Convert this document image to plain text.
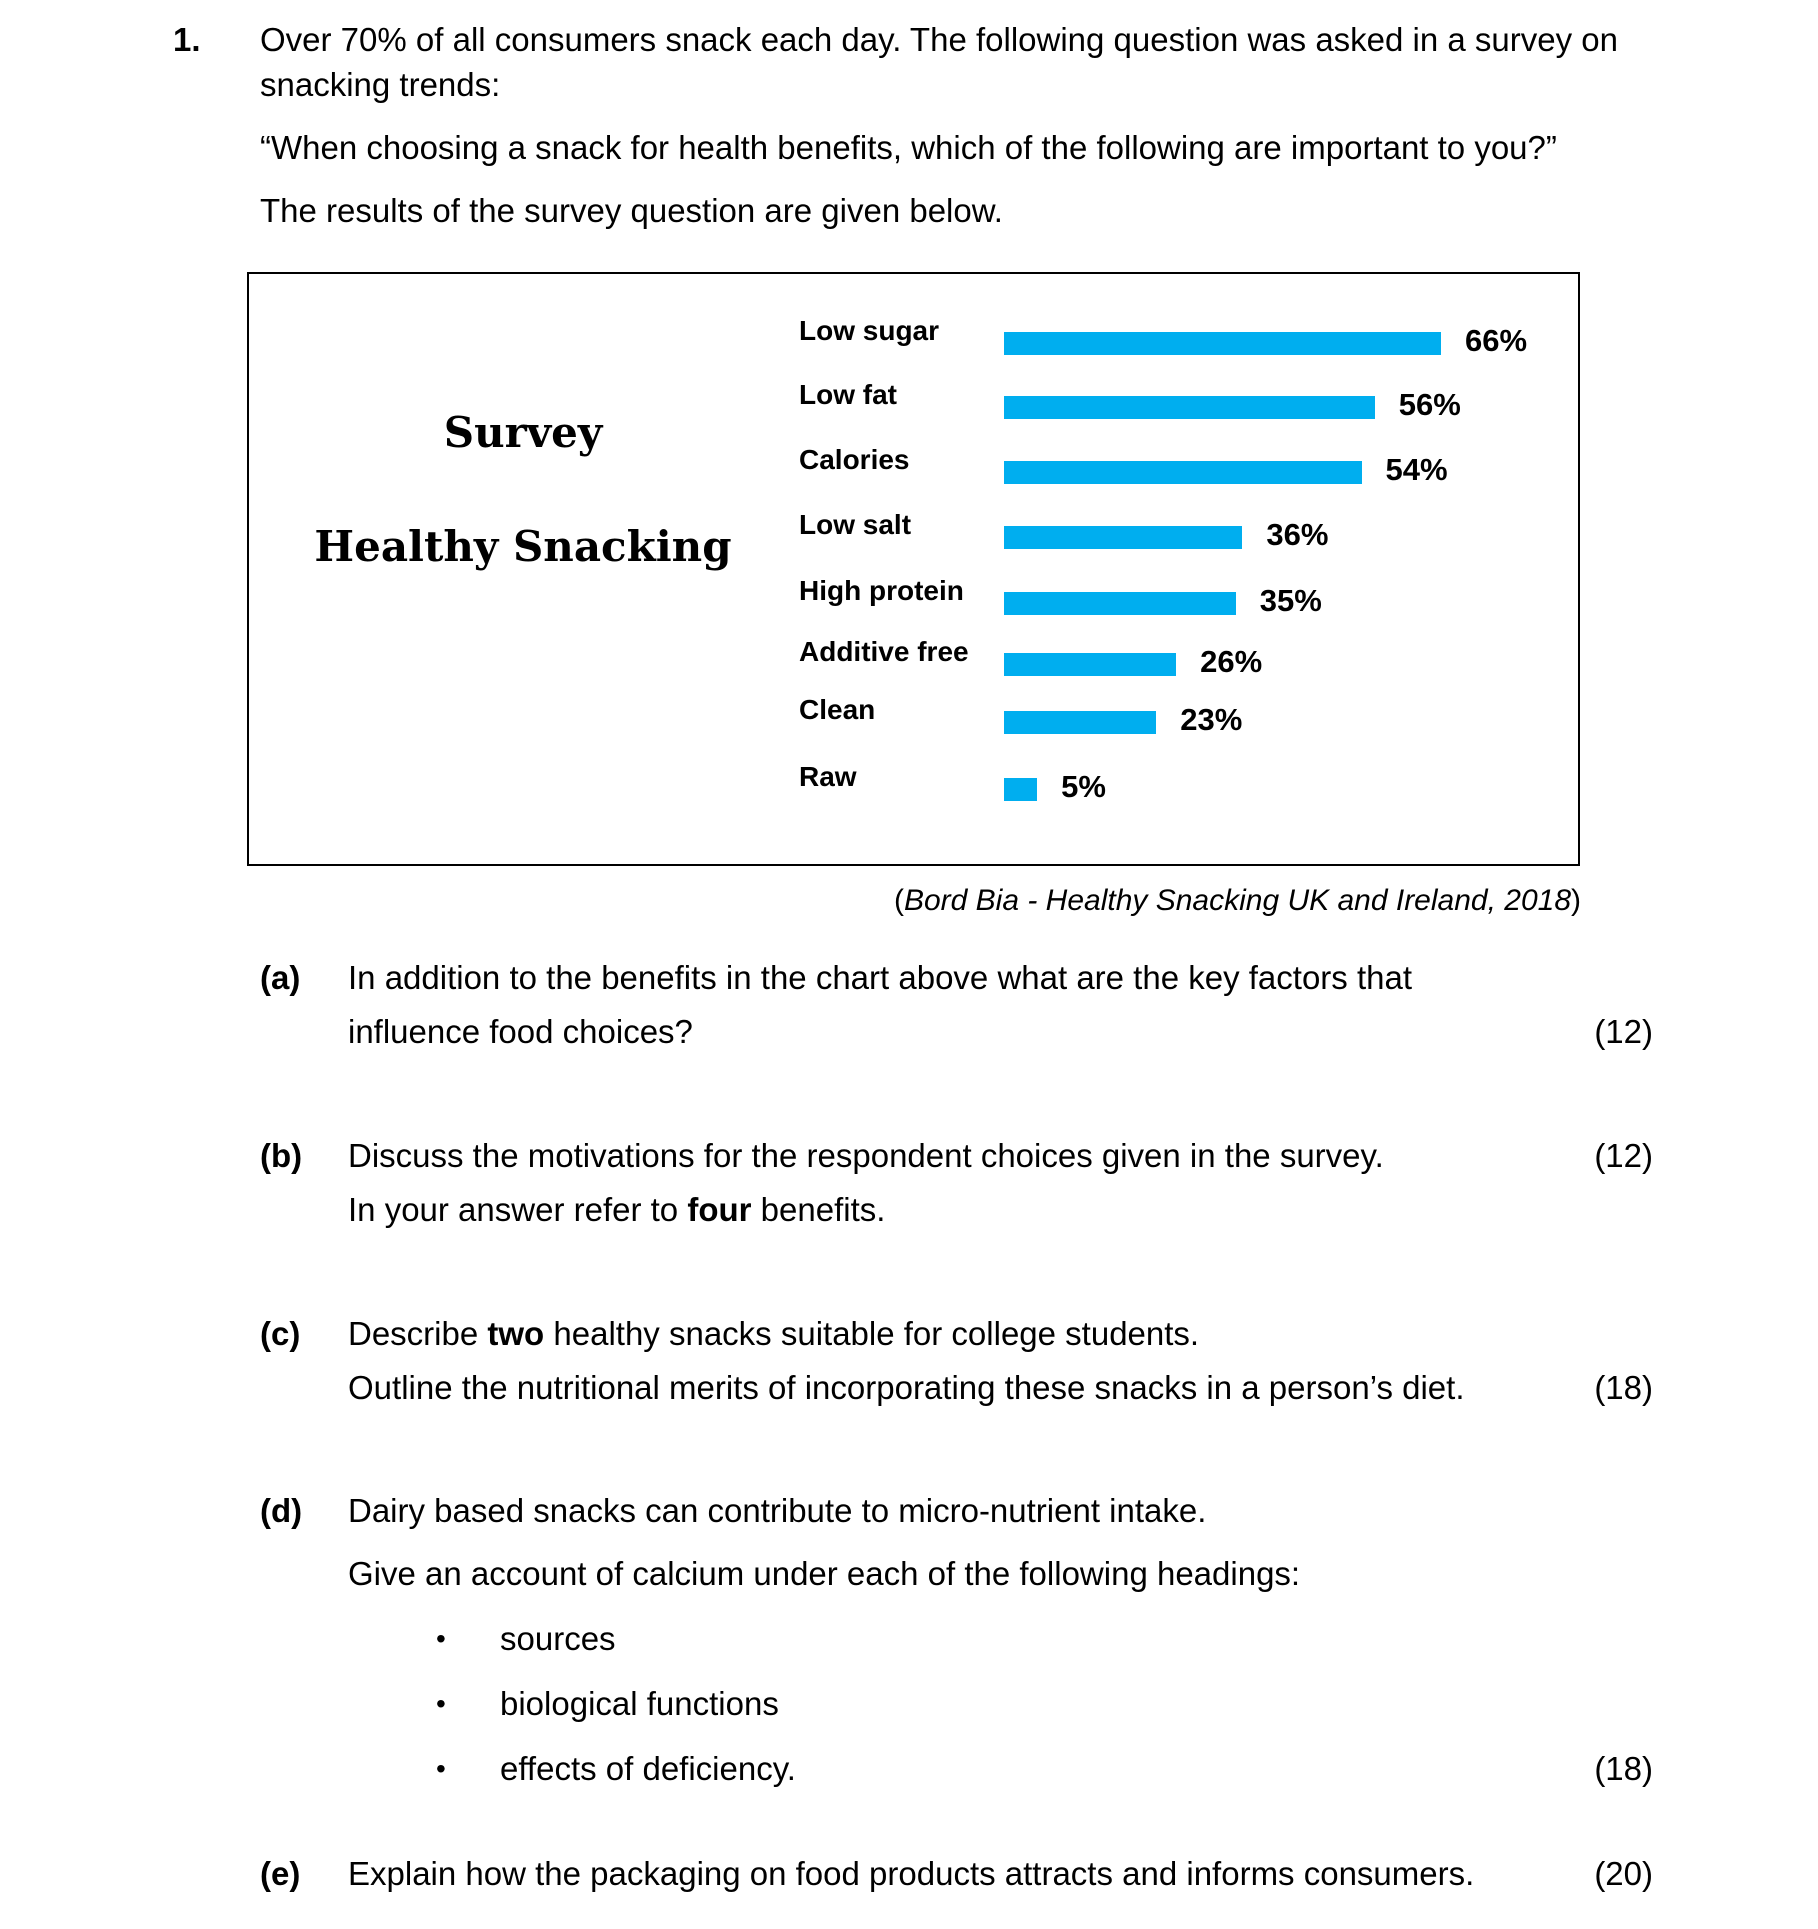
1. Over 70% of all consumers snack each day. The following question was asked in a survey on
snacking trends:
“When choosing a snack for health benefits, which of the following are important to you?”
The results of the survey question are given below.
Survey
Healthy Snacking
Low sugar	66%
Low fat	56%
Calories	54%
Low salt	36%
High protein	35%
Additive free	26%
Clean	23%
Raw	5%
(Bord Bia - Healthy Snacking UK and Ireland, 2018)
(a) In addition to the benefits in the chart above what are the key factors that
influence food choices?	(12)
(b) Discuss the motivations for the respondent choices given in the survey.	(12)
In your answer refer to four benefits.
(c) Describe two healthy snacks suitable for college students.
Outline the nutritional merits of incorporating these snacks in a person’s diet.	(18)
(d) Dairy based snacks can contribute to micro-nutrient intake.
Give an account of calcium under each of the following headings:
• sources
• biological functions
• effects of deficiency.	(18)
(e) Explain how the packaging on food products attracts and informs consumers.	(20)
